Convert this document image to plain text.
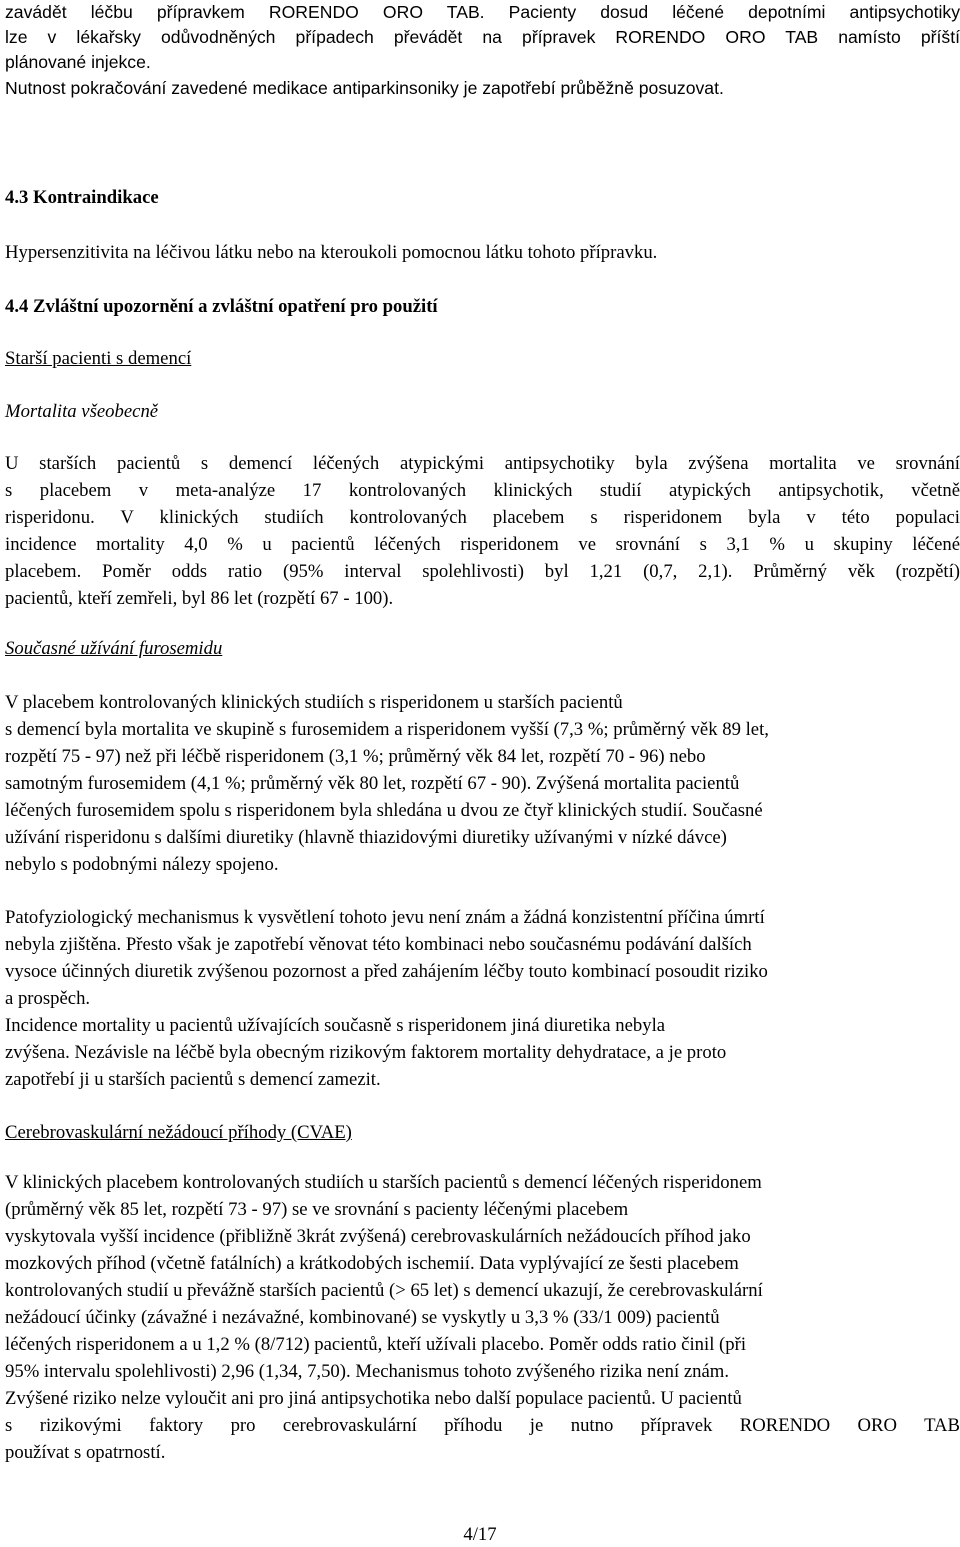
zavádět léčbu přípravkem RORENDO ORO TAB. Pacienty dosud léčené depotními antipsychotiky
lze v lékařsky odůvodněných případech převádět na přípravek RORENDO ORO TAB namísto příští
plánované injekce.
Nutnost pokračování zavedené medikace antiparkinsoniky je zapotřebí průběžně posuzovat.
4.3 Kontraindikace
Hypersenzitivita na léčivou látku nebo na kteroukoli pomocnou látku tohoto přípravku.
4.4 Zvláštní upozornění a zvláštní opatření pro použití
Starší pacienti s demencí
Mortalita všeobecně
U starších pacientů s demencí léčených atypickými antipsychotiky byla zvýšena mortalita ve srovnání
s placebem v meta-analýze 17 kontrolovaných klinických studií atypických antipsychotik, včetně
risperidonu. V klinických studiích kontrolovaných placebem s risperidonem byla v této populaci
incidence mortality 4,0 % u pacientů léčených risperidonem ve srovnání s 3,1 % u skupiny léčené
placebem. Poměr odds ratio (95% interval spolehlivosti) byl 1,21 (0,7, 2,1). Průměrný věk (rozpětí)
pacientů, kteří zemřeli, byl 86 let (rozpětí 67 - 100).
Současné užívání furosemidu
V placebem kontrolovaných klinických studiích s risperidonem u starších pacientů
s demencí byla mortalita ve skupině s furosemidem a risperidonem vyšší (7,3 %; průměrný věk 89 let,
rozpětí 75 - 97) než při léčbě risperidonem (3,1 %; průměrný věk 84 let, rozpětí 70 - 96) nebo
samotným furosemidem (4,1 %; průměrný věk 80 let, rozpětí 67 - 90). Zvýšená mortalita pacientů
léčených furosemidem spolu s risperidonem byla shledána u dvou ze čtyř klinických studií. Současné
užívání risperidonu s dalšími diuretiky (hlavně thiazidovými diuretiky užívanými v nízké dávce)
nebylo s podobnými nálezy spojeno.
Patofyziologický mechanismus k vysvětlení tohoto jevu není znám a žádná konzistentní příčina úmrtí
nebyla zjištěna. Přesto však je zapotřebí věnovat této kombinaci nebo současnému podávání dalších
vysoce účinných diuretik zvýšenou pozornost a před zahájením léčby touto kombinací posoudit riziko
a prospěch.
Incidence mortality u pacientů užívajících současně s risperidonem jiná diuretika nebyla
zvýšena. Nezávisle na léčbě byla obecným rizikovým faktorem mortality dehydratace, a je proto
zapotřebí ji u starších pacientů s demencí zamezit.
Cerebrovaskulární nežádoucí příhody (CVAE)
V klinických placebem kontrolovaných studiích u starších pacientů s demencí léčených risperidonem
(průměrný věk 85 let, rozpětí 73 - 97) se ve srovnání s pacienty léčenými placebem
vyskytovala vyšší incidence (přibližně 3krát zvýšená) cerebrovaskulárních nežádoucích příhod jako
mozkových příhod (včetně fatálních) a krátkodobých ischemií. Data vyplývající ze šesti placebem
kontrolovaných studií u převážně starších pacientů (> 65 let) s demencí ukazují, že cerebrovaskulární
nežádoucí účinky (závažné i nezávažné, kombinované) se vyskytly u 3,3 % (33/1 009) pacientů
léčených risperidonem a u 1,2 % (8/712) pacientů, kteří užívali placebo. Poměr odds ratio činil (při
95% intervalu spolehlivosti) 2,96 (1,34, 7,50). Mechanismus tohoto zvýšeného rizika není znám.
Zvýšené riziko nelze vyloučit ani pro jiná antipsychotika nebo další populace pacientů. U pacientů
s rizikovými faktory pro cerebrovaskulární příhodu je nutno přípravek RORENDO ORO TAB
používat s opatrností.
4/17
